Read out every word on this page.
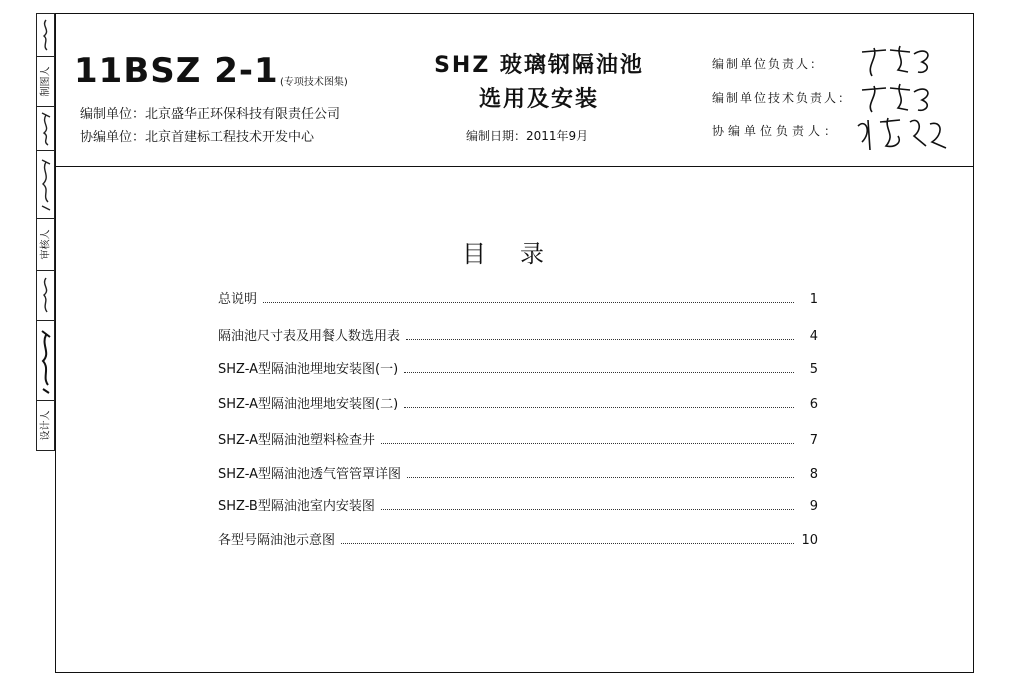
制图人
审核人
设计人
11BSZ 2-1 (专项技术图集)
编制单位：北京盛华正环保科技有限责任公司
协编单位：北京首建标工程技术开发中心
SHZ 玻璃钢隔油池
选用及安装
编制日期：2011年9月
编制单位负责人：
编制单位技术负责人：
协编单位负责人：
目录
总说明	1
隔油池尺寸表及用餐人数选用表	4
SHZ-A型隔油池埋地安装图(一)	5
SHZ-A型隔油池埋地安装图(二)	6
SHZ-A型隔油池塑料检查井	7
SHZ-A型隔油池透气管管罩详图	8
SHZ-B型隔油池室内安装图	9
各型号隔油池示意图	10
